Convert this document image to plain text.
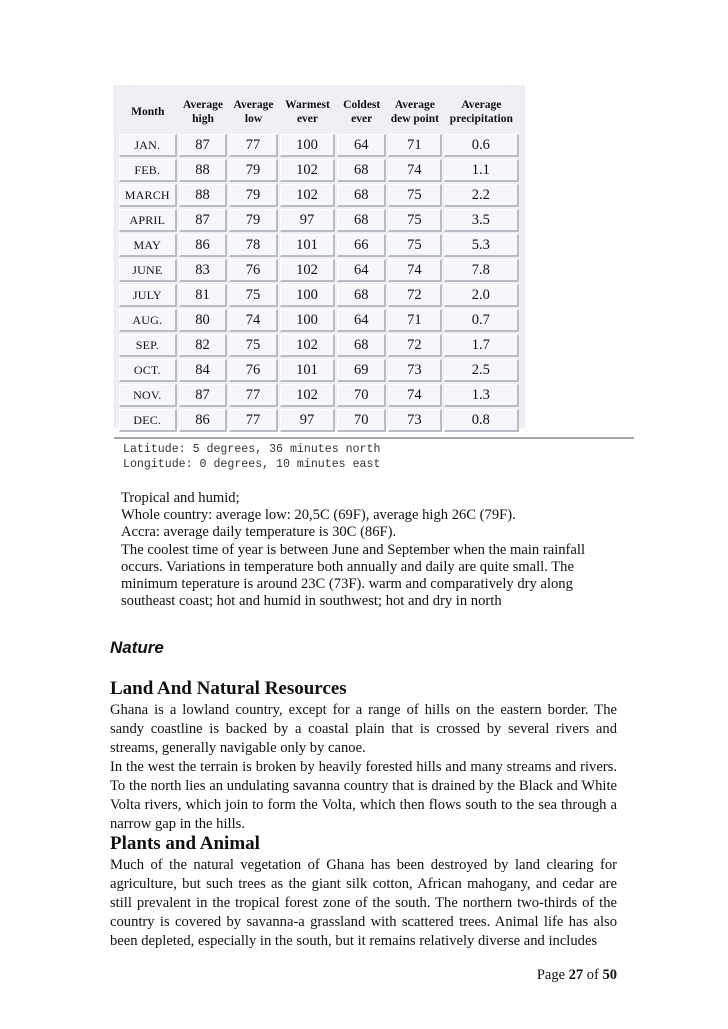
Month	Average high	Average low	Warmest ever	Coldest ever	Average dew point	Average precipitation
JAN.	87	77	100	64	71	0.6
FEB.	88	79	102	68	74	1.1
MARCH	88	79	102	68	75	2.2
APRIL	87	79	97	68	75	3.5
MAY	86	78	101	66	75	5.3
JUNE	83	76	102	64	74	7.8
JULY	81	75	100	68	72	2.0
AUG.	80	74	100	64	71	0.7
SEP.	82	75	102	68	72	1.7
OCT.	84	76	101	69	73	2.5
NOV.	87	77	102	70	74	1.3
DEC.	86	77	97	70	73	0.8
Latitude: 5 degrees, 36 minutes north
Longitude: 0 degrees, 10 minutes east
Tropical and humid;
Whole country: average low: 20,5C (69F), average high 26C (79F).
Accra: average daily temperature is 30C (86F).
The coolest time of year is between June and September when the main rainfall
occurs. Variations in temperature both annually and daily are quite small. The
minimum teperature is around 23C (73F). warm and comparatively dry along
southeast coast; hot and humid in southwest; hot and dry in north
Nature
Land And Natural Resources

Ghana is a lowland country, except for a range of hills on the eastern border. The sandy coastline is backed by a coastal plain that is crossed by several rivers and streams, generally navigable only by canoe.

In the west the terrain is broken by heavily forested hills and many streams and rivers. To the north lies an undulating savanna country that is drained by the Black and White Volta rivers, which join to form the Volta, which then flows south to the sea through a narrow gap in the hills.

Plants and Animal

Much of the natural vegetation of Ghana has been destroyed by land clearing for agriculture, but such trees as the giant silk cotton, African mahogany, and cedar are still prevalent in the tropical forest zone of the south. The northern two-thirds of the country is covered by savanna-a grassland with scattered trees. Animal life has also been depleted, especially in the south, but it remains relatively diverse and includes

Page 27 of 50
